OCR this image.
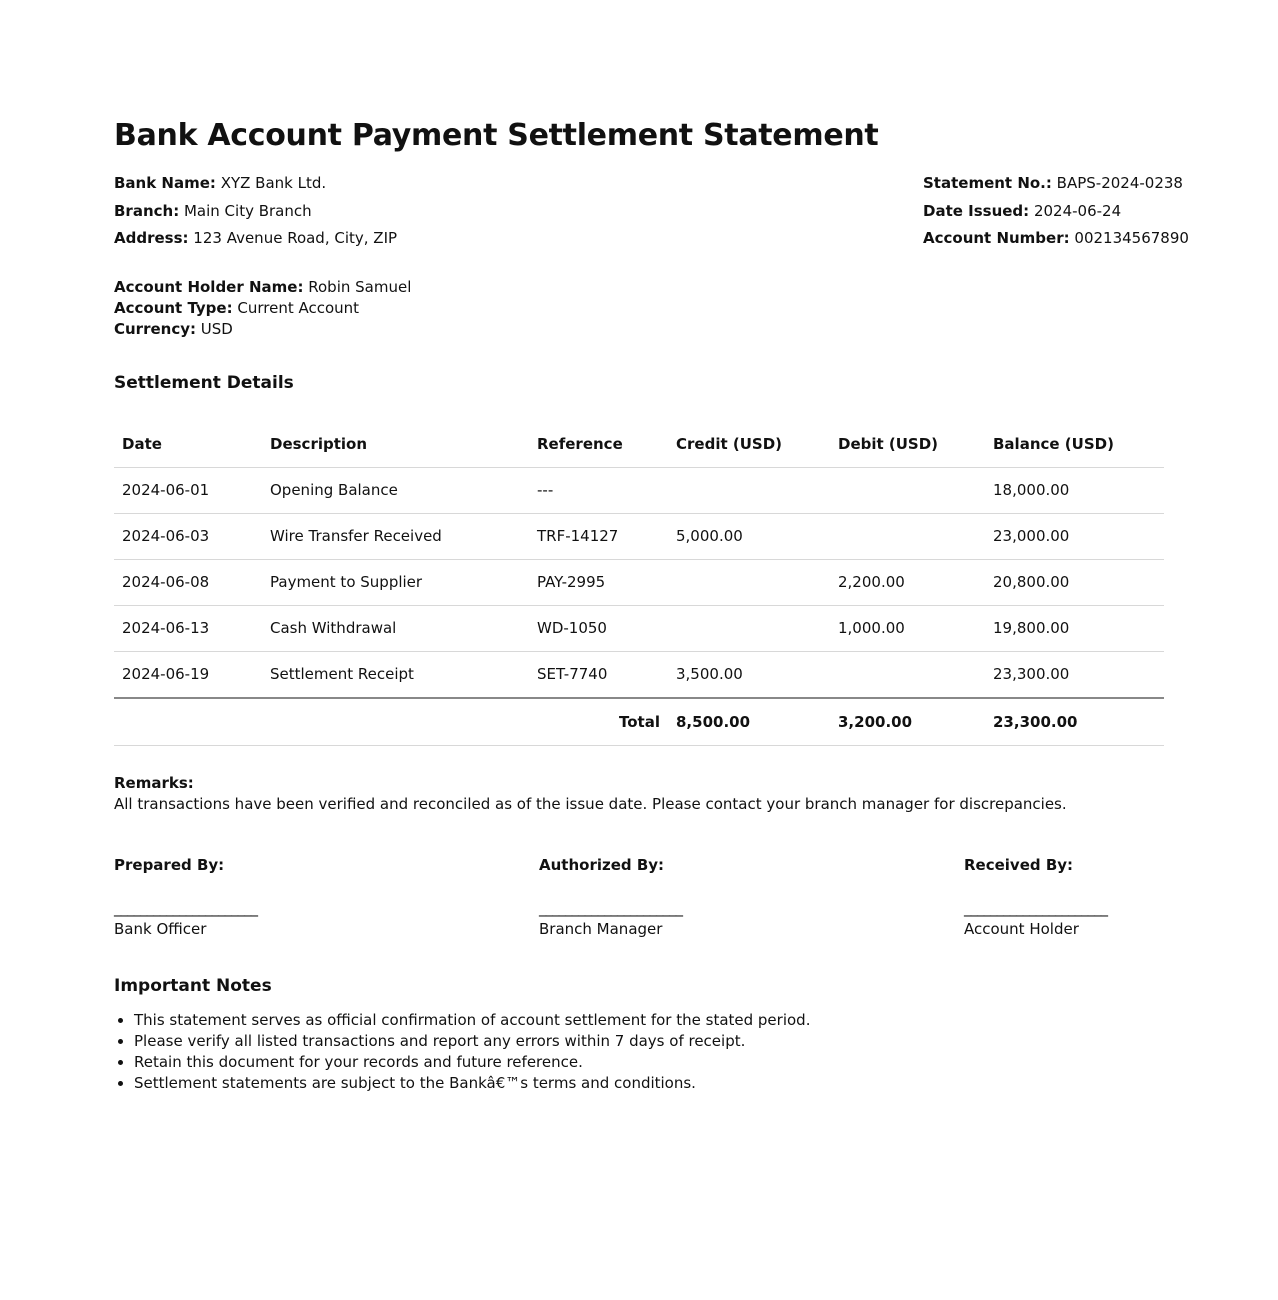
Bank Account Payment Settlement Statement
Bank Name: XYZ Bank Ltd.
Branch: Main City Branch
Address: 123 Avenue Road, City, ZIP
Statement No.: BAPS-2024-0238
Date Issued: 2024-06-24
Account Number: 002134567890
Account Holder Name: Robin Samuel
Account Type: Current Account
Currency: USD
Settlement Details
Date	Description	Reference	Credit (USD)	Debit (USD)	Balance (USD)
2024-06-01	Opening Balance	---			18,000.00
2024-06-03	Wire Transfer Received	TRF-14127	5,000.00		23,000.00
2024-06-08	Payment to Supplier	PAY-2995		2,200.00	20,800.00
2024-06-13	Cash Withdrawal	WD-1050		1,000.00	19,800.00
2024-06-19	Settlement Receipt	SET-7740	3,500.00		23,300.00
Total			8,500.00	3,200.00	23,300.00
Remarks:
All transactions have been verified and reconciled as of the issue date. Please contact your branch manager for discrepancies.
Prepared By:
______________________
Bank Officer
Authorized By:
______________________
Branch Manager
Received By:
______________________
Account Holder
Important Notes
• This statement serves as official confirmation of account settlement for the stated period.
• Please verify all listed transactions and report any errors within 7 days of receipt.
• Retain this document for your records and future reference.
• Settlement statements are subject to the Bankâ€™s terms and conditions.
